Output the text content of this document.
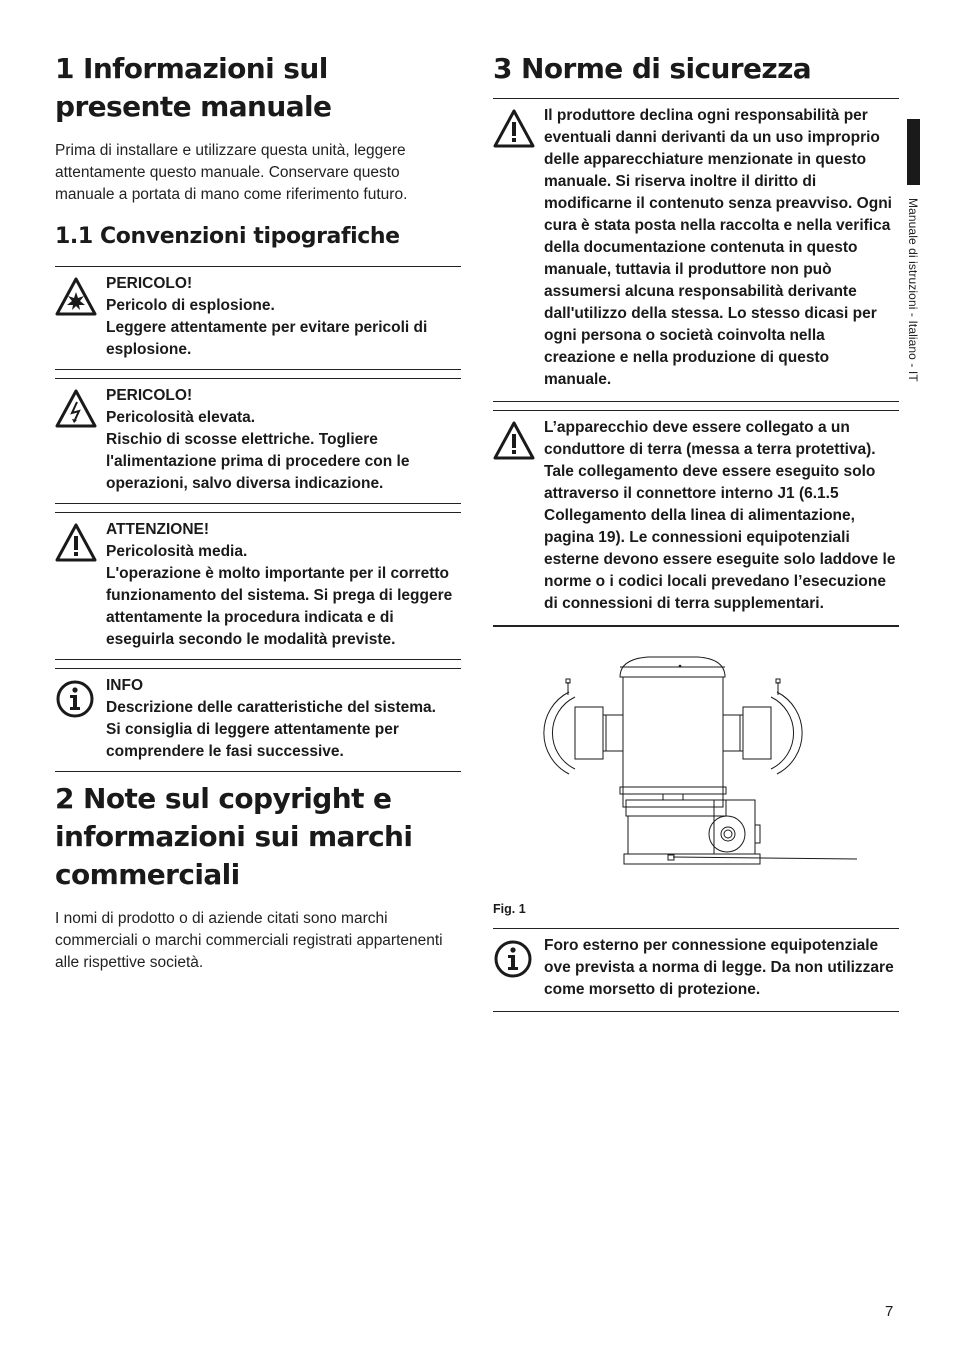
1 Informazioni sul presente manuale

Prima di installare e utilizzare questa unità, leggere attentamente questo manuale. Conservare questo manuale a portata di mano come riferimento futuro.

1.1 Convenzioni tipografiche
PERICOLO!
Pericolo di esplosione.
Leggere attentamente per evitare pericoli di esplosione.
PERICOLO!
Pericolosità elevata.
Rischio di scosse elettriche. Togliere l'alimentazione prima di procedere con le operazioni, salvo diversa indicazione.
ATTENZIONE!
Pericolosità media.
L'operazione è molto importante per il corretto funzionamento del sistema. Si prega di leggere attentamente la procedura indicata e di eseguirla secondo le modalità previste.
INFO
Descrizione delle caratteristiche del sistema.
Si consiglia di leggere attentamente per comprendere le fasi successive.
2 Note sul copyright e informazioni sui marchi commerciali

I nomi di prodotto o di aziende citati sono marchi commerciali o marchi commerciali registrati appartenenti alle rispettive società.

3 Norme di sicurezza
Il produttore declina ogni responsabilità per eventuali danni derivanti da un uso improprio delle apparecchiature menzionate in questo manuale. Si riserva inoltre il diritto di modificarne il contenuto senza preavviso. Ogni cura è stata posta nella raccolta e nella verifica della documentazione contenuta in questo manuale, tuttavia il produttore non può assumersi alcuna responsabilità derivante dall'utilizzo della stessa. Lo stesso dicasi per ogni persona o società coinvolta nella creazione e nella produzione di questo manuale.
L’apparecchio deve essere collegato a un conduttore di terra (messa a terra protettiva). Tale collegamento deve essere eseguito solo attraverso il connettore interno J1 (6.1.5 Collegamento della linea di alimentazione, pagina 19). Le connessioni equipotenziali esterne devono essere eseguite solo laddove le norme o i codici locali prevedano l’esecuzione di connessioni di terra supplementari.
Fig. 1
Foro esterno per connessione equipotenziale ove prevista a norma di legge. Da non utilizzare come morsetto di protezione.
Manuale di istruzioni - Italiano - IT
7
